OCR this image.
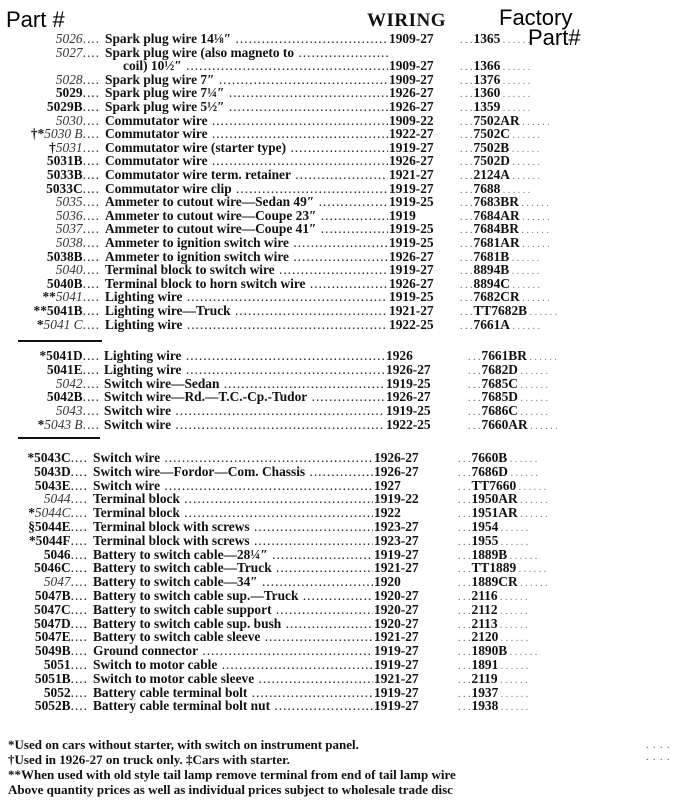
Part #	WIRING Factory
Part#
5026.... Spark plug wire 14⅛″ .....	1909-27	. . . 1365 . . .
5027.... Spark plug wire (also magneto to .....
coil) 10½″ .....	1909-27	. . . 1366 . . .
5028.... Spark plug wire 7″ .....	1909-27	. . . 1376 . . .
5029.... Spark plug wire 7¼″ .....	1926-27	. . . 1360 . . .
5029B.... Spark plug wire 5½″ .....	1926-27	. . . 1359 . . .
5030.... Commutator wire .....	1909-22	. . . 7502AR . . .
†*5030 B.... Commutator wire .....	1922-27	. . . 7502C . . .
†5031.... Commutator wire (starter type) .....	1919-27	. . . 7502B . . .
5031B.... Commutator wire .....	1926-27	. . . 7502D . . .
5033B.... Commutator wire term. retainer .....	1921-27	. . . 2124A . . .
5033C.... Commutator wire clip .....	1919-27	. . . 7688 . . .
5035.... Ammeter to cutout wire—Sedan 49″ .....	1919-25	. . . 7683BR . . .
5036.... Ammeter to cutout wire—Coupe 23″ .....	1919	. . . 7684AR . . .
5037.... Ammeter to cutout wire—Coupe 41″ .....	1919-25	. . . 7684BR . . .
5038.... Ammeter to ignition switch wire .....	1919-25	. . . 7681AR . . .
5038B.... Ammeter to ignition switch wire .....	1926-27	. . . 7681B . . .
5040.... Terminal block to switch wire .....	1919-27	. . . 8894B . . .
5040B.... Terminal block to horn switch wire .....	1926-27	. . . 8894C . . .
**5041.... Lighting wire .....	1919-25	. . . 7682CR . . .
**5041B.... Lighting wire—Truck .....	1921-27	. . . TT7682B . . .
*5041 C.... Lighting wire .....	1922-25	. . . 7661A . . .
*5041D.... Lighting wire .....	1926	. . . 7661BR . . .
5041E.... Lighting wire .....	1926-27	. . . 7682D . . .
5042.... Switch wire—Sedan .....	1919-25	. . . 7685C . . .
5042B.... Switch wire—Rd.—T.C.-Cp.-Tudor .....	1926-27	. . . 7685D . . .
5043.... Switch wire .....	1919-25	. . . 7686C . . .
*5043 B.... Switch wire .....	1922-25	. . . 7660AR . . .
*5043C.... Switch wire .....	1926-27	. . . 7660B . . .
5043D.... Switch wire—Fordor—Com. Chassis .....	1926-27	. . . 7686D . . .
5043E.... Switch wire .....	1927	. . . TT7660 . . .
5044.... Terminal block .....	1919-22	. . . 1950AR . . .
*5044C.... Terminal block .....	1922	. . . 1951AR . . .
§5044E.... Terminal block with screws .....	1923-27	. . . 1954 . . .
*5044F.... Terminal block with screws .....	1923-27	. . . 1955 . . .
5046.... Battery to switch cable—28¼″ .....	1919-27	. . . 1889B . . .
5046C.... Battery to switch cable—Truck .....	1921-27	. . . TT1889 . . .
5047.... Battery to switch cable—34″ .....	1920	. . . 1889CR . . .
5047B.... Battery to switch cable sup.—Truck .....	1920-27	. . . 2116 . . .
5047C.... Battery to switch cable support .....	1920-27	. . . 2112 . . .
5047D.... Battery to switch cable sup. bush .....	1920-27	. . . 2113 . . .
5047E.... Battery to switch cable sleeve .....	1921-27	. . . 2120 . . .
5049B.... Ground connector .....	1919-27	. . . 1890B . . .
5051.... Switch to motor cable .....	1919-27	. . . 1891 . . .
5051B.... Switch to motor cable sleeve .....	1921-27	. . . 2119 . . .
5052.... Battery cable terminal bolt .....	1919-27	. . . 1937 . . .
5052B.... Battery cable terminal bolt nut .....	1919-27	. . . 1938 . . .
*Used on cars without starter, with switch on instrument panel.
†Used in 1926-27 on truck only. ‡Cars with starter.
**When used with old style tail lamp remove terminal from end of tail lamp wire
Above quantity prices as well as individual prices subject to wholesale trade disc
. . . .
. . . .
